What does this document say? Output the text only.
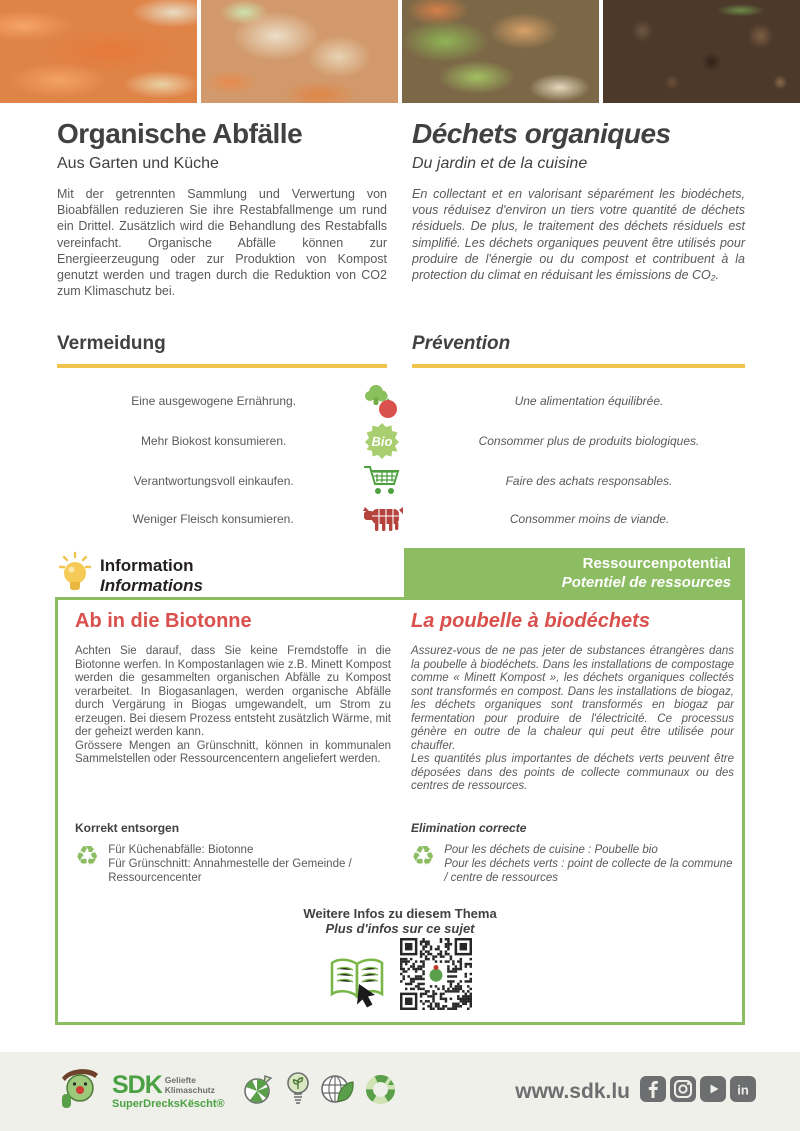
Organische Abfälle
Aus Garten und Küche
Mit der getrennten Sammlung und Verwertung von Bioabfällen reduzieren Sie ihre Restabfallmenge um rund ein Drittel. Zusätzlich wird die Behandlung des Restabfalls vereinfacht. Organische Abfälle können zur Energieerzeugung oder zur Produktion von Kompost genutzt werden und tragen durch die Reduktion von CO2 zum Klimaschutz bei.
Déchets organiques
Du jardin et de la cuisine
En collectant et en valorisant séparément les biodéchets, vous réduisez d'environ un tiers votre quantité de déchets résiduels. De plus, le traitement des déchets résiduels est simplifié. Les déchets organiques peuvent être utilisés pour produire de l'énergie ou du compost et contribuent à la protection du climat en réduisant les émissions de CO₂.
Vermeidung	Prévention
Eine ausgewogene Ernährung.	Une alimentation équilibrée.
Mehr Biokost konsumieren.	Bio	Consommer plus de produits biologiques.
Verantwortungsvoll einkaufen.	Faire des achats responsables.
Weniger Fleisch konsumieren.	Consommer moins de viande.
Information
Informations
Ressourcenpotential
Potentiel de ressources
Ab in die Biotonne	La poubelle à biodéchets
Achten Sie darauf, dass Sie keine Fremdstoffe in die Biotonne werfen. In Kompostanlagen wie z.B. Minett Kompost werden die gesammelten organischen Abfälle zu Kompost verarbeitet. In Biogasanlagen, werden organische Abfälle durch Vergärung in Biogas umgewandelt, um Strom zu erzeugen. Bei diesem Prozess entsteht zusätzlich Wärme, mit der geheizt werden kann.
Grössere Mengen an Grünschnitt, können in kommunalen Sammelstellen oder Ressourcencentern angeliefert werden.
Assurez-vous de ne pas jeter de substances étrangères dans la poubelle à biodéchets. Dans les installations de compostage comme « Minett Kompost », les déchets organiques collectés sont transformés en compost. Dans les installations de biogaz, les déchets organiques sont transformés en biogaz par fermentation pour produire de l'électricité. Ce processus génère en outre de la chaleur qui peut être utilisée pour chauffer.
Les quantités plus importantes de déchets verts peuvent être déposées dans des points de collecte communaux ou des centres de ressources.
Korrekt entsorgen	Elimination correcte
♻ Für Küchenabfälle: Biotonne
Für Grünschnitt: Annahmestelle der Gemeinde / Ressourcencenter
♻ Pour les déchets de cuisine : Poubelle bio
Pour les déchets verts : point de collecte de la commune / centre de ressources
Weitere Infos zu diesem Thema
Plus d'infos sur ce sujet
SDK Geliefte
Klimaschutz
SuperDrecksKëscht®
www.sdk.lu	in
